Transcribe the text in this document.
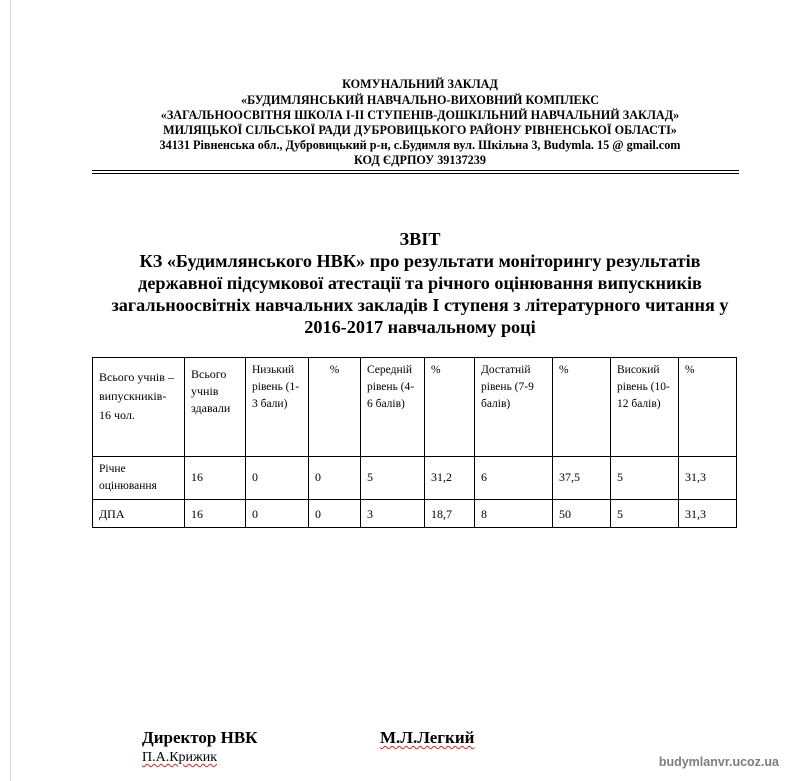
КОМУНАЛЬНИЙ ЗАКЛАД
«БУДИМЛЯНСЬКИЙ НАВЧАЛЬНО-ВИХОВНИЙ КОМПЛЕКС
«ЗАГАЛЬНООСВІТНЯ ШКОЛА І-ІІ СТУПЕНІВ-ДОШКІЛЬНИЙ НАВЧАЛЬНИЙ ЗАКЛАД»
МИЛЯЦЬКОЇ СІЛЬСЬКОЇ РАДИ ДУБРОВИЦЬКОГО РАЙОНУ РІВНЕНСЬКОЇ ОБЛАСТІ»
34131 Рівненська обл., Дубровицький р-н, с.Будимля вул. Шкільна 3, Budymla. 15 @ gmail.com
КОД ЄДРПОУ 39137239
ЗВІТ
КЗ «Будимлянського НВК» про результати моніторингу результатів
державної підсумкової атестації та річного оцінювання випускників
загальноосвітніх навчальних закладів І ступеня з літературного читання у
2016-2017 навчальному році
Всього учнів – випускників- 16 чол.	Всього учнів здавали	Низький рівень (1-3 бали)	%	Середній рівень (4-6 балів)	%	Достатній рівень (7-9 балів)	%	Високий рівень (10-12 балів)	%
Річне оцінювання	16	0	0	5	31,2	6	37,5	5	31,3
ДПА	16	0	0	3	18,7	8	50	5	31,3
Директор НВК	М.Л.Легкий
П.А.Крижик	budymlanvr.ucoz.ua
